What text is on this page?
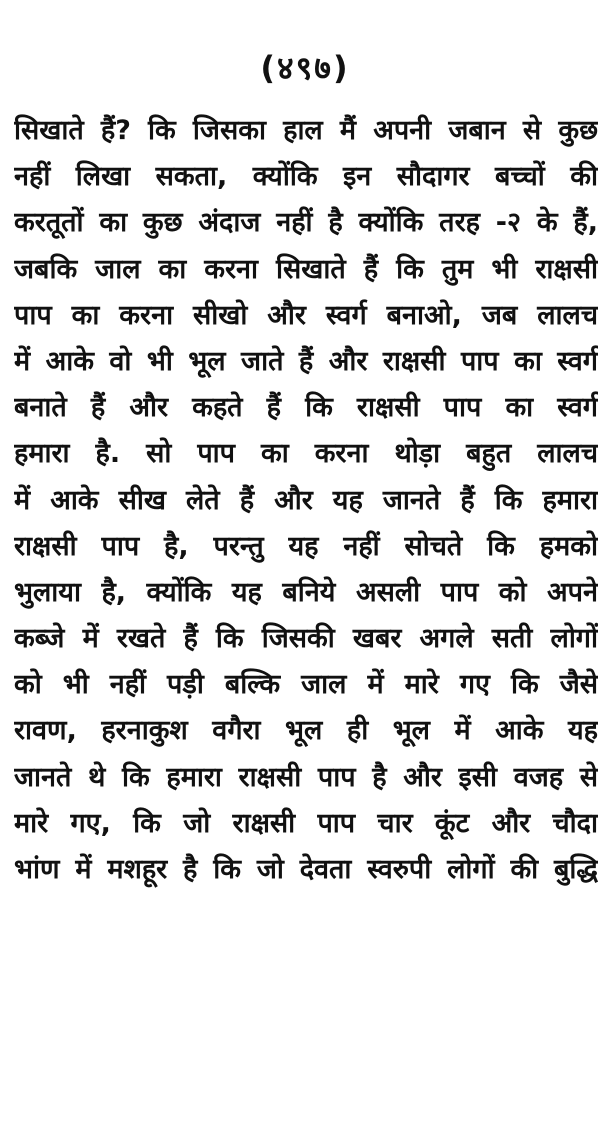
(४९७)
सिखाते हैं? कि जिसका हाल मैं अपनी जबान से कुछ
नहीं लिखा सकता, क्योंकि इन सौदागर बच्चों की
करतूतों का कुछ अंदाज नहीं है क्योंकि तरह -२ के हैं,
जबकि जाल का करना सिखाते हैं कि तुम भी राक्षसी
पाप का करना सीखो और स्वर्ग बनाओ, जब लालच
में आके वो भी भूल जाते हैं और राक्षसी पाप का स्वर्ग
बनाते हैं और कहते हैं कि राक्षसी पाप का स्वर्ग
हमारा है. सो पाप का करना थोड़ा बहुत लालच
में आके सीख लेते हैं और यह जानते हैं कि हमारा
राक्षसी पाप है, परन्तु यह नहीं सोचते कि हमको
भुलाया है, क्योंकि यह बनिये असली पाप को अपने
कब्जे में रखते हैं कि जिसकी खबर अगले सती लोगों
को भी नहीं पड़ी बल्कि जाल में मारे गए कि जैसे
रावण, हरनाकुश वगैरा भूल ही भूल में आके यह
जानते थे कि हमारा राक्षसी पाप है और इसी वजह से
मारे गए, कि जो राक्षसी पाप चार कूंट और चौदा
भांण में मशहूर है कि जो देवता स्वरुपी लोगों की बुद्धि
